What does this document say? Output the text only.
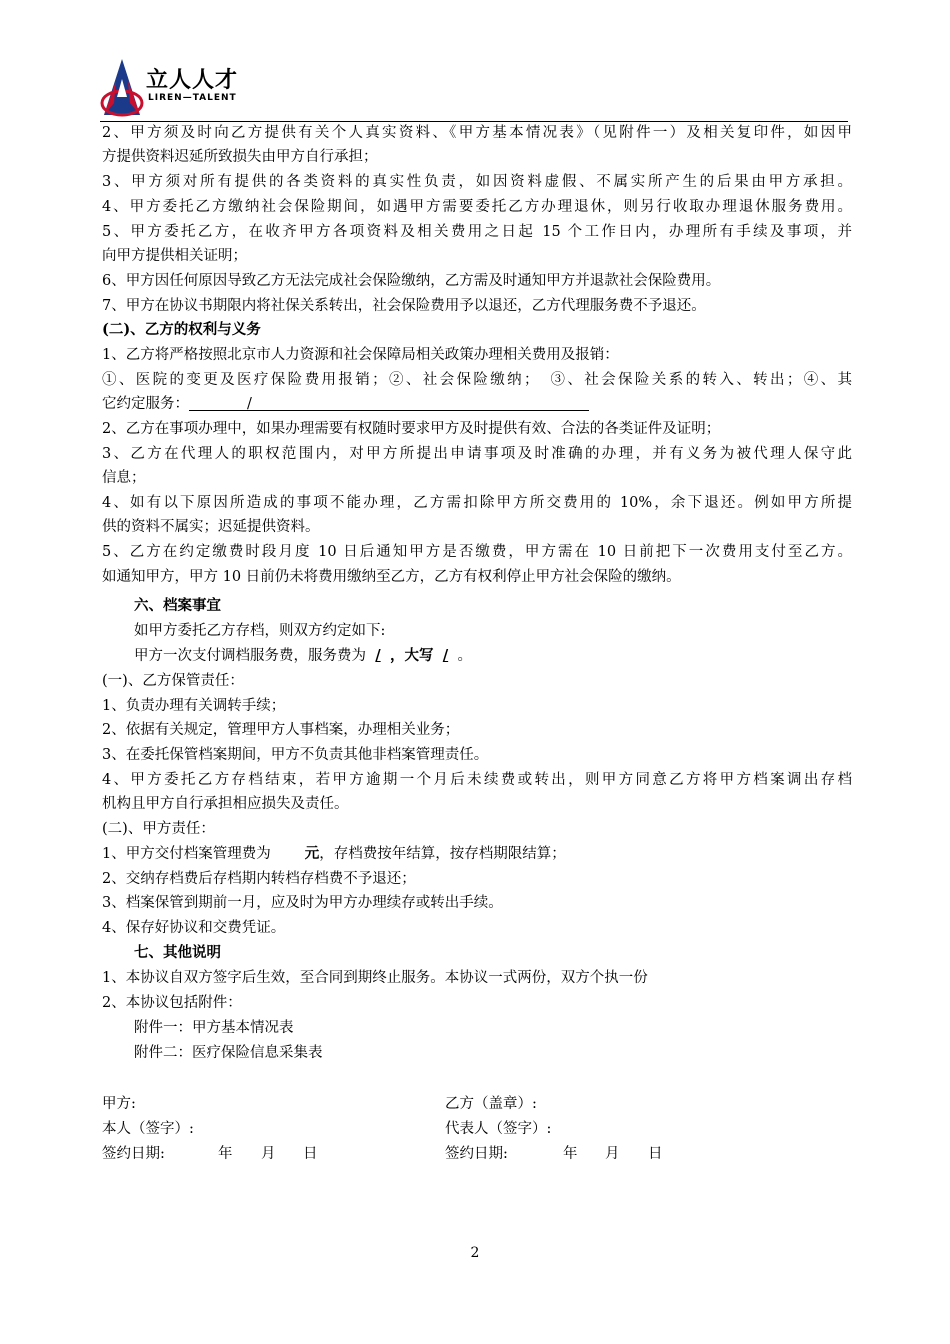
立人人才
LIREN—TALENT
2、甲方须及时向乙方提供有关个人真实资料、《甲方基本情况表》（见附件一）及相关复印件，如因甲
方提供资料迟延所致损失由甲方自行承担；
3、甲方须对所有提供的各类资料的真实性负责，如因资料虚假、不属实所产生的后果由甲方承担。
4、甲方委托乙方缴纳社会保险期间，如遇甲方需要委托乙方办理退休，则另行收取办理退休服务费用。
5、甲方委托乙方，在收齐甲方各项资料及相关费用之日起 15 个工作日内，办理所有手续及事项，并
向甲方提供相关证明；
6、甲方因任何原因导致乙方无法完成社会保险缴纳，乙方需及时通知甲方并退款社会保险费用。
7、甲方在协议书期限内将社保关系转出，社会保险费用予以退还，乙方代理服务费不予退还。
(二)、乙方的权利与义务
1、乙方将严格按照北京市人力资源和社会保障局相关政策办理相关费用及报销：
①、医院的变更及医疗保险费用报销；②、社会保险缴纳；　③、社会保险关系的转入、转出；④、其
它约定服务：	/
2、乙方在事项办理中，如果办理需要有权随时要求甲方及时提供有效、合法的各类证件及证明；
3、乙方在代理人的职权范围内，对甲方所提出申请事项及时准确的办理，并有义务为被代理人保守此
信息；
4、如有以下原因所造成的事项不能办理，乙方需扣除甲方所交费用的 10%，余下退还。例如甲方所提
供的资料不属实；迟延提供资料。
5、乙方在约定缴费时段月度 10 日后通知甲方是否缴费，甲方需在 10 日前把下一次费用支付至乙方。
如通知甲方，甲方 10 日前仍未将费用缴纳至乙方，乙方有权利停止甲方社会保险的缴纳。
六、档案事宜
如甲方委托乙方存档，则双方约定如下:
甲方一次支付调档服务费，服务费为 / ，大写 / 。
(一)、乙方保管责任：
1、负责办理有关调转手续；
2、依据有关规定，管理甲方人事档案，办理相关业务；
3、在委托保管档案期间，甲方不负责其他非档案管理责任。
4、甲方委托乙方存档结束，若甲方逾期一个月后未续费或转出，则甲方同意乙方将甲方档案调出存档
机构且甲方自行承担相应损失及责任。
(二)、甲方责任：
1、甲方交付档案管理费为 元，存档费按年结算，按存档期限结算；
2、交纳存档费后存档期内转档存档费不予退还；
3、档案保管到期前一月，应及时为甲方办理续存或转出手续。
4、保存好协议和交费凭证。
七、其他说明
1、本协议自双方签字后生效，至合同到期终止服务。本协议一式两份，双方个执一份
2、本协议包括附件：
附件一：甲方基本情况表
附件二：医疗保险信息采集表
甲方:	乙方（盖章）:
本人（签字）:	代表人（签字）:
签约日期:	年 月 日	签约日期:	年 月 日
2
